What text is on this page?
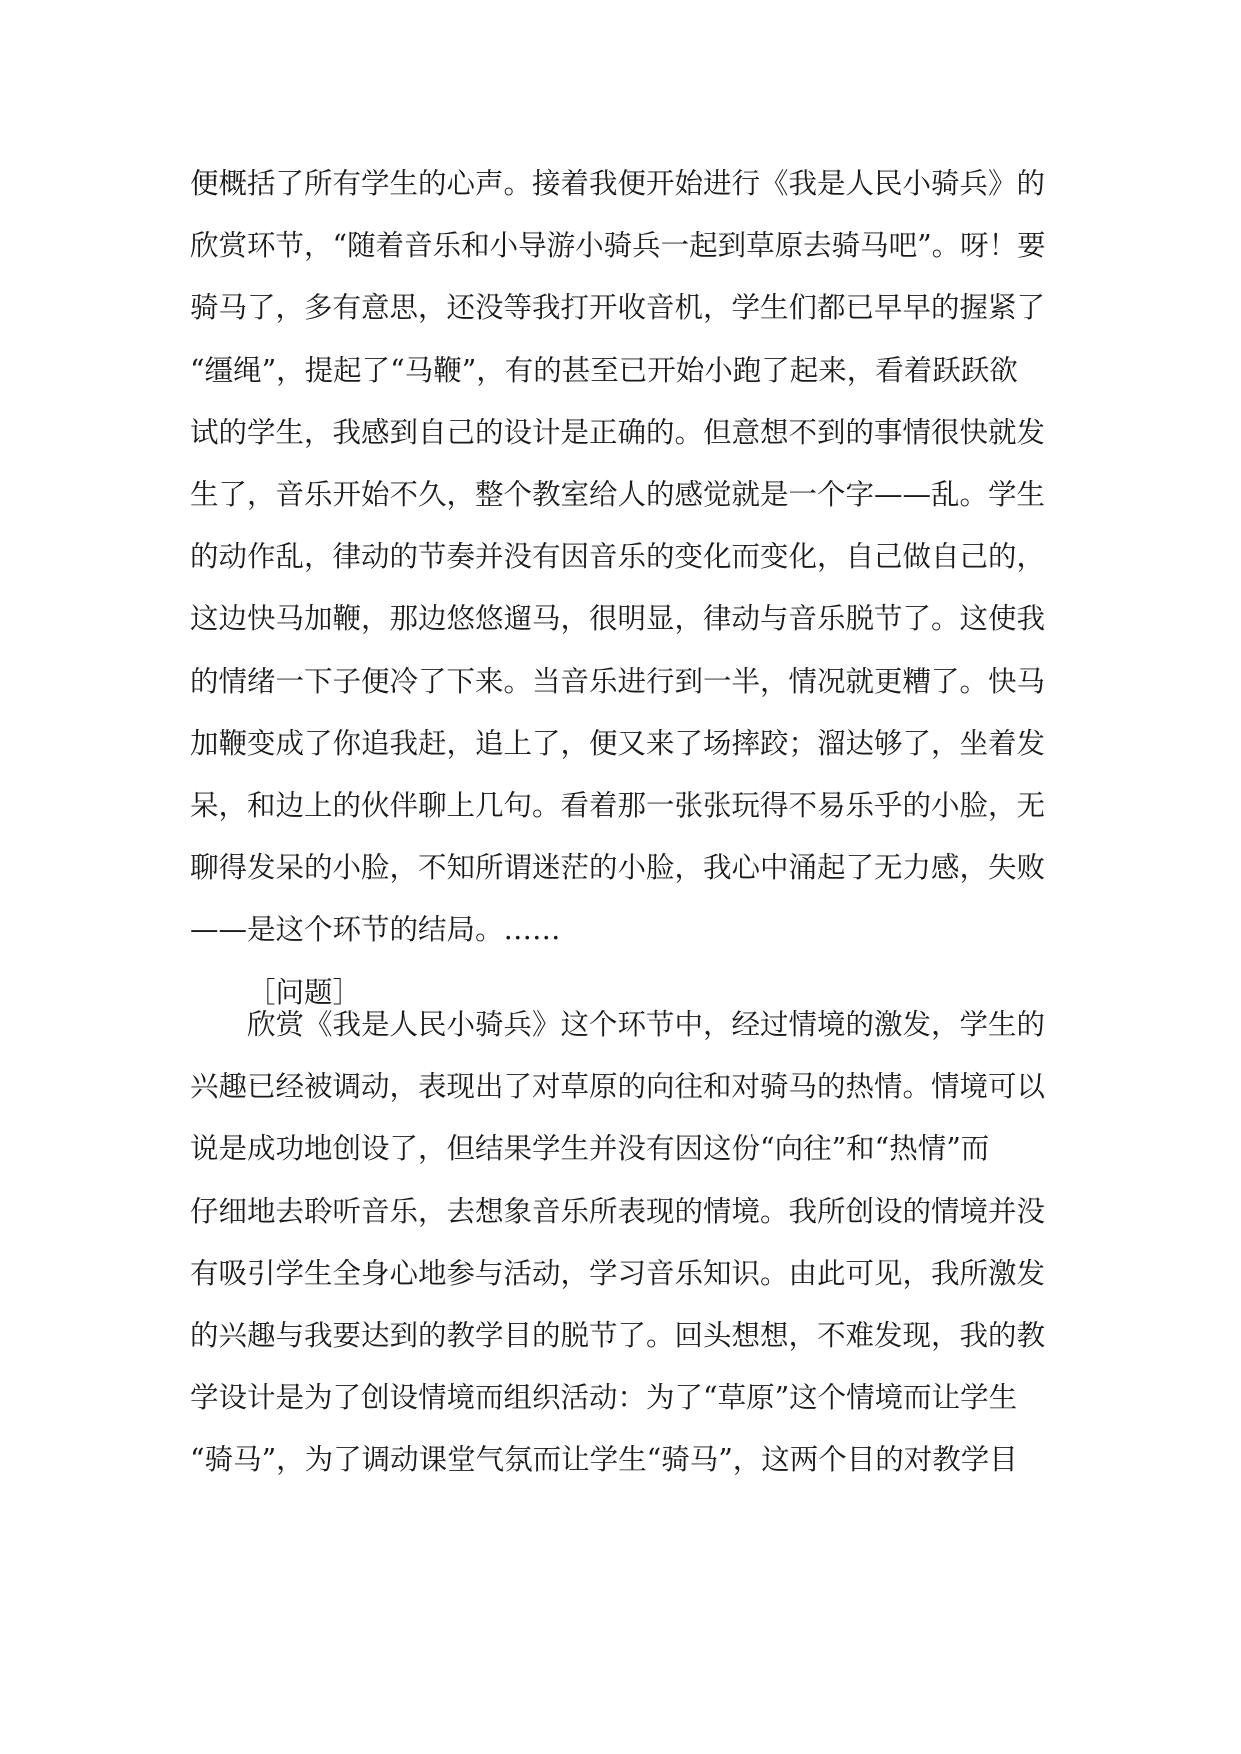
便概括了所有学生的心声。接着我便开始进行《我是人民小骑兵》的

欣赏环节，“随着音乐和小导游小骑兵一起到草原去骑马吧”。呀！要

骑马了，多有意思，还没等我打开收音机，学生们都已早早的握紧了

“缰绳”，提起了“马鞭”，有的甚至已开始小跑了起来，看着跃跃欲

试的学生，我感到自己的设计是正确的。但意想不到的事情很快就发

生了，音乐开始不久，整个教室给人的感觉就是一个字——乱。学生

的动作乱，律动的节奏并没有因音乐的变化而变化，自己做自己的，

这边快马加鞭，那边悠悠遛马，很明显，律动与音乐脱节了。这使我

的情绪一下子便冷了下来。当音乐进行到一半，情况就更糟了。快马

加鞭变成了你追我赶，追上了，便又来了场摔跤；溜达够了，坐着发

呆，和边上的伙伴聊上几句。看着那一张张玩得不易乐乎的小脸，无

聊得发呆的小脸，不知所谓迷茫的小脸，我心中涌起了无力感，失败

——是这个环节的结局。……

［问题］

欣赏《我是人民小骑兵》这个环节中，经过情境的激发，学生的

兴趣已经被调动，表现出了对草原的向往和对骑马的热情。情境可以

说是成功地创设了，但结果学生并没有因这份“向往”和“热情”而

仔细地去聆听音乐，去想象音乐所表现的情境。我所创设的情境并没

有吸引学生全身心地参与活动，学习音乐知识。由此可见，我所激发

的兴趣与我要达到的教学目的脱节了。回头想想，不难发现，我的教

学设计是为了创设情境而组织活动：为了“草原”这个情境而让学生

“骑马”，为了调动课堂气氛而让学生“骑马”，这两个目的对教学目
